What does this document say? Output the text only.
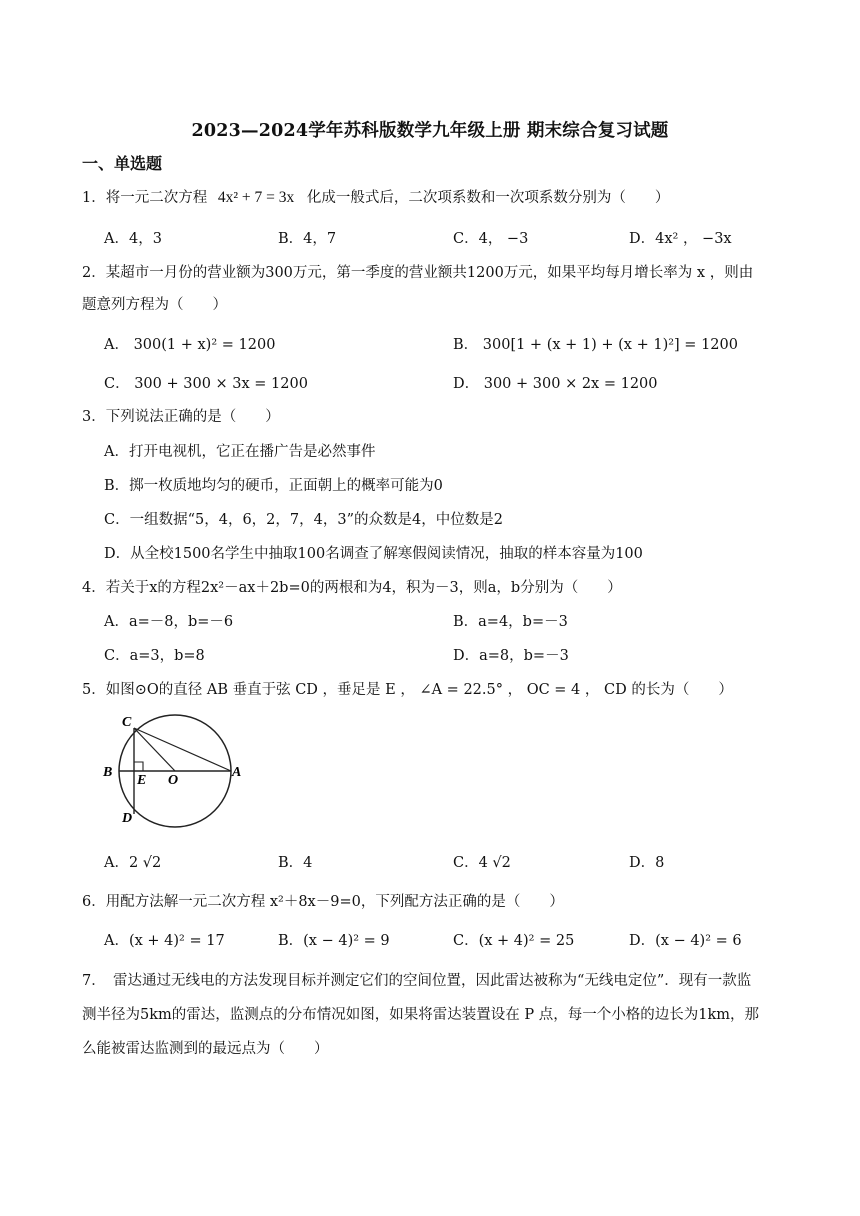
2023—2024学年苏科版数学九年级上册 期末综合复习试题
一、单选题
1．将一元二次方程 4x² + 7 = 3x 化成一般式后，二次项系数和一次项系数分别为（　　）
A．4，3	B．4，7	C．4， −3	D．4x² ， −3x
2．某超市一月份的营业额为300万元，第一季度的营业额共1200万元，如果平均每月增长率为 x ，则由
题意列方程为（　　）
A． 300(1 + x)² = 1200	B． 300[1 + (x + 1) + (x + 1)²] = 1200
C． 300 + 300 × 3x = 1200	D． 300 + 300 × 2x = 1200
3．下列说法正确的是（　　）
A．打开电视机，它正在播广告是必然事件
B．掷一枚质地均匀的硬币，正面朝上的概率可能为0
C．一组数据“5，4，6，2，7，4，3”的众数是4，中位数是2
D．从全校1500名学生中抽取100名调查了解寒假阅读情况，抽取的样本容量为100
4．若关于x的方程2x²－ax＋2b=0的两根和为4，积为－3，则a，b分别为（　　）
A．a=－8，b=－6	B．a=4，b=－3
C．a=3，b=8	D．a=8，b=－3
5．如图⊙O的直径 AB 垂直于弦 CD ，垂足是 E ， ∠A = 22.5° ， OC = 4 ， CD 的长为（　　）
C
B
E O
A
D
A．2 √2	B．4	C．4 √2	D．8
6．用配方法解一元二次方程 x²＋8x－9=0，下列配方法正确的是（　　）
A．(x + 4)² = 17	B．(x − 4)² = 9	C．(x + 4)² = 25	D．(x − 4)² = 6
7．　雷达通过无线电的方法发现目标并测定它们的空间位置，因此雷达被称为“无线电定位”．现有一款监
测半径为5km的雷达，监测点的分布情况如图，如果将雷达装置设在 P 点，每一个小格的边长为1km，那
么能被雷达监测到的最远点为（　　）
